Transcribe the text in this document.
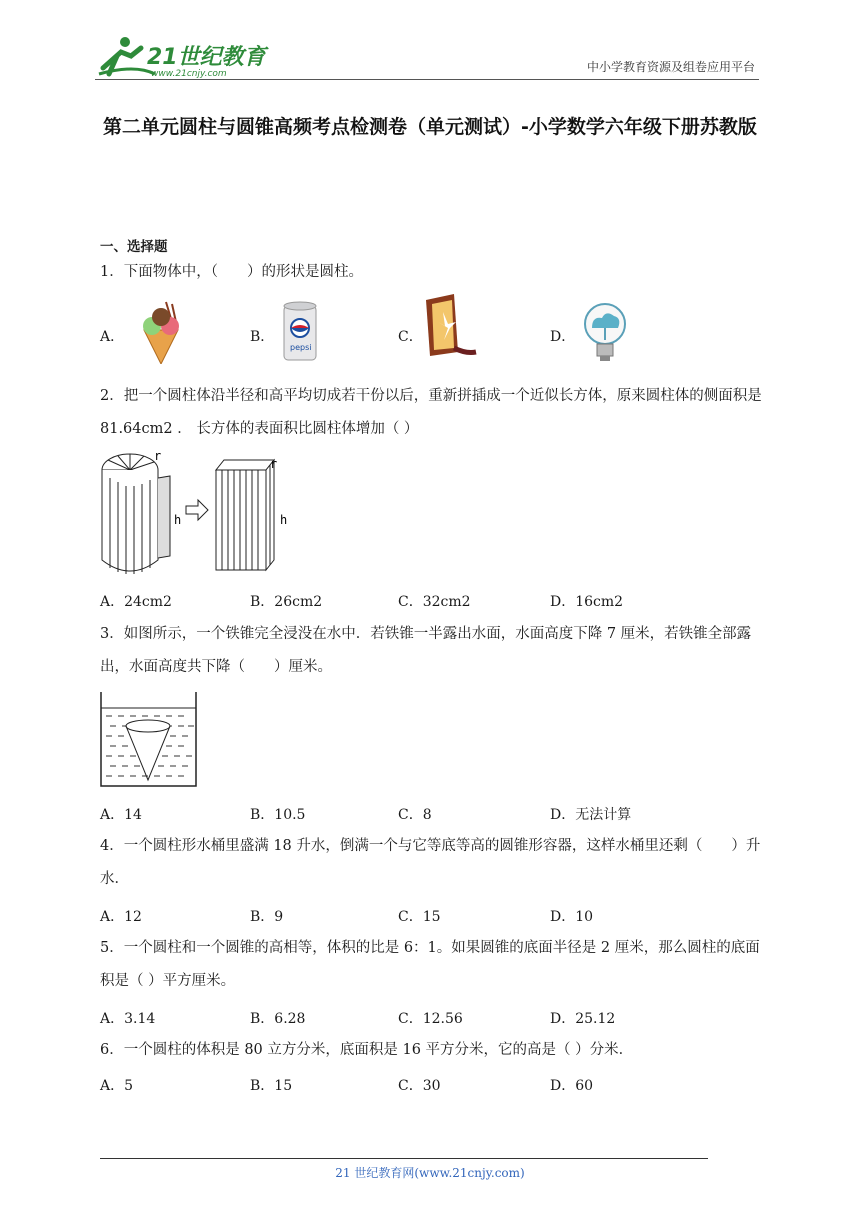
21世纪教育
www.21cnjy.com	中小学教育资源及组卷应用平台
第二单元圆柱与圆锥高频考点检测卷（单元测试）-小学数学六年级下册苏教版
一、选择题
1．下面物体中，（　　）的形状是圆柱。
A．	B．
pepsi
C．	D．
2．把一个圆柱体沿半径和高平均切成若干份以后，重新拼插成一个近似长方体，原来圆柱体的侧面积是 81.64cm2 ． 长方体的表面积比圆柱体增加（ ）
r
h
r
h
A．24cm2	B．26cm2	C．32cm2	D．16cm2
3．如图所示，一个铁锥完全浸没在水中．若铁锥一半露出水面，水面高度下降 7 厘米，若铁锥全部露出，水面高度共下降（　　）厘米。
A．14	B．10.5	C．8	D．无法计算
4．一个圆柱形水桶里盛满 18 升水，倒满一个与它等底等高的圆锥形容器，这样水桶里还剩（　　）升水．
A．12	B．9	C．15	D．10
5．一个圆柱和一个圆锥的高相等，体积的比是 6：1。如果圆锥的底面半径是 2 厘米，那么圆柱的底面积是（ ）平方厘米。
A．3.14	B．6.28	C．12.56	D．25.12
6．一个圆柱的体积是 80 立方分米，底面积是 16 平方分米，它的高是（ ）分米．
A．5	B．15	C．30	D．60
21 世纪教育网(www.21cnjy.com)
